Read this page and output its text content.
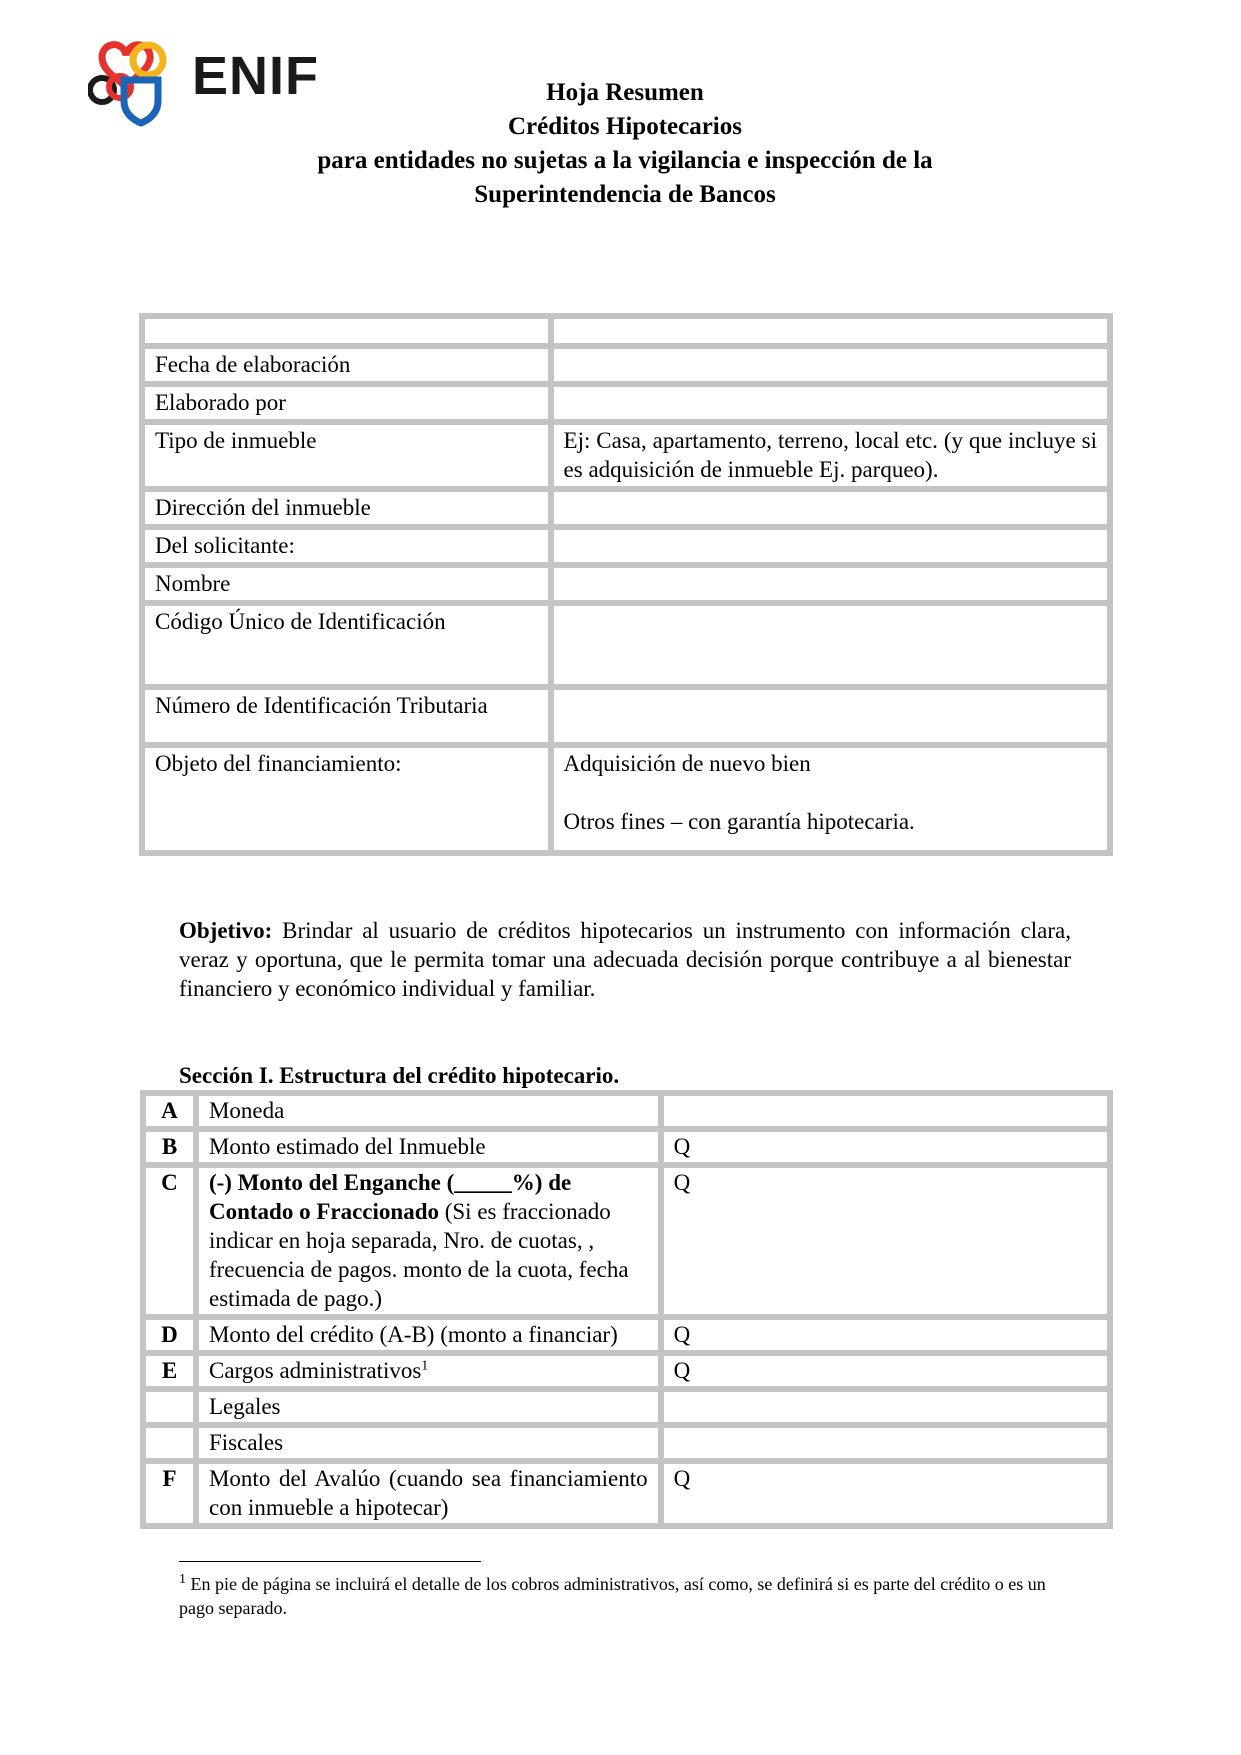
ENIF	Hoja Resumen
Créditos Hipotecarios
para entidades no sujetas a la vigilancia e inspección de la
Superintendencia de Bancos

Fecha de elaboración	
Elaborado por	
Tipo de inmueble	Ej: Casa, apartamento, terreno, local etc. (y que incluye si es adquisición de inmueble Ej. parqueo).
Dirección del inmueble	
Del solicitante:	
Nombre	
Código Único de Identificación	
Número de Identificación Tributaria	
Objeto del financiamiento:	Adquisición de nuevo bien
Otros fines – con garantía hipotecaria.
Objetivo: Brindar al usuario de créditos hipotecarios un instrumento con información clara, veraz y oportuna, que le permita tomar una adecuada decisión porque contribuye a al bienestar financiero y económico individual y familiar.
Sección I. Estructura del crédito hipotecario.
A	Moneda	
B	Monto estimado del Inmueble	Q
C	(-) Monto del Enganche (_____%) de Contado o Fraccionado (Si es fraccionado indicar en hoja separada, Nro. de cuotas, , frecuencia de pagos. monto de la cuota, fecha estimada de pago.)	Q
D	Monto del crédito (A-B) (monto a financiar)	Q
E	Cargos administrativos$^1$	Q
	Legales	
	Fiscales	
F	Monto del Avalúo (cuando sea financiamiento con inmueble a hipotecar)	Q
$^1$ En pie de página se incluirá el detalle de los cobros administrativos, así como, se definirá si es parte del crédito o es un pago separado.
